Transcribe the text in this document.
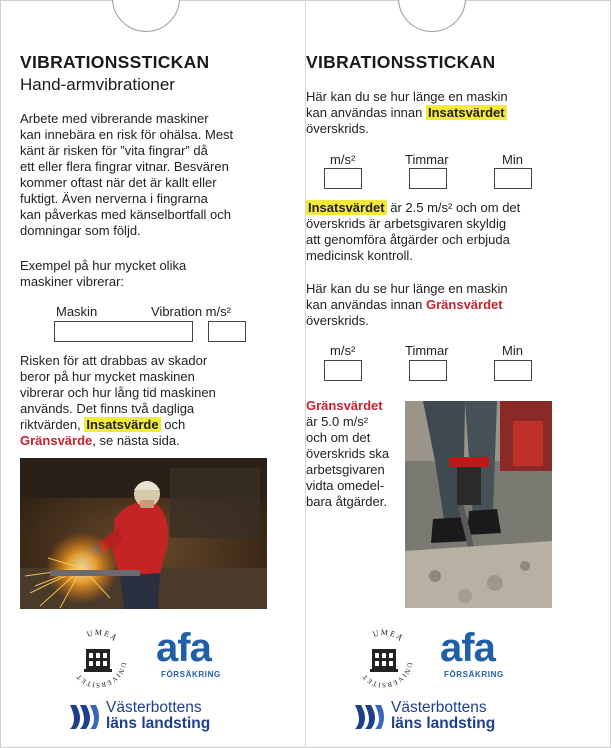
VIBRATIONSSTICKAN
Hand-armvibrationer
Arbete med vibrerande maskiner
kan innebära en risk för ohälsa. Mest
känt är risken för ”vita fingrar” då
ett eller flera fingrar vitnar. Besvären
kommer oftast när det är kallt eller
fuktigt. Även nerverna i fingrarna
kan påverkas med känselbortfall och
domningar som följd.
Exempel på hur mycket olika
maskiner vibrerar:
Maskin	Vibration m/s²
Risken för att drabbas av skador
beror på hur mycket maskinen
vibrerar och hur lång tid maskinen
används. Det finns två dagliga
riktvärden, Insatsvärde och
Gränsvärde, se nästa sida.
UMEÅ
UNIVERSITET
afa
FÖRSÄKRING
Västerbottens
läns landsting
VIBRATIONSSTICKAN
Här kan du se hur länge en maskin
kan användas innan Insatsvärdet
överskrids.
m/s²	Timmar	Min
Insatsvärdet är 2.5 m/s² och om det
överskrids är arbetsgivaren skyldig
att genomföra åtgärder och erbjuda
medicinsk kontroll.
Här kan du se hur länge en maskin
kan användas innan Gränsvärdet
överskrids.
m/s²	Timmar	Min
Gränsvärdet
är 5.0 m/s²
och om det
överskrids ska
arbetsgivaren
vidta omedel-
bara åtgärder.
UMEÅ
UNIVERSITET
afa
FÖRSÄKRING
Västerbottens
läns landsting
